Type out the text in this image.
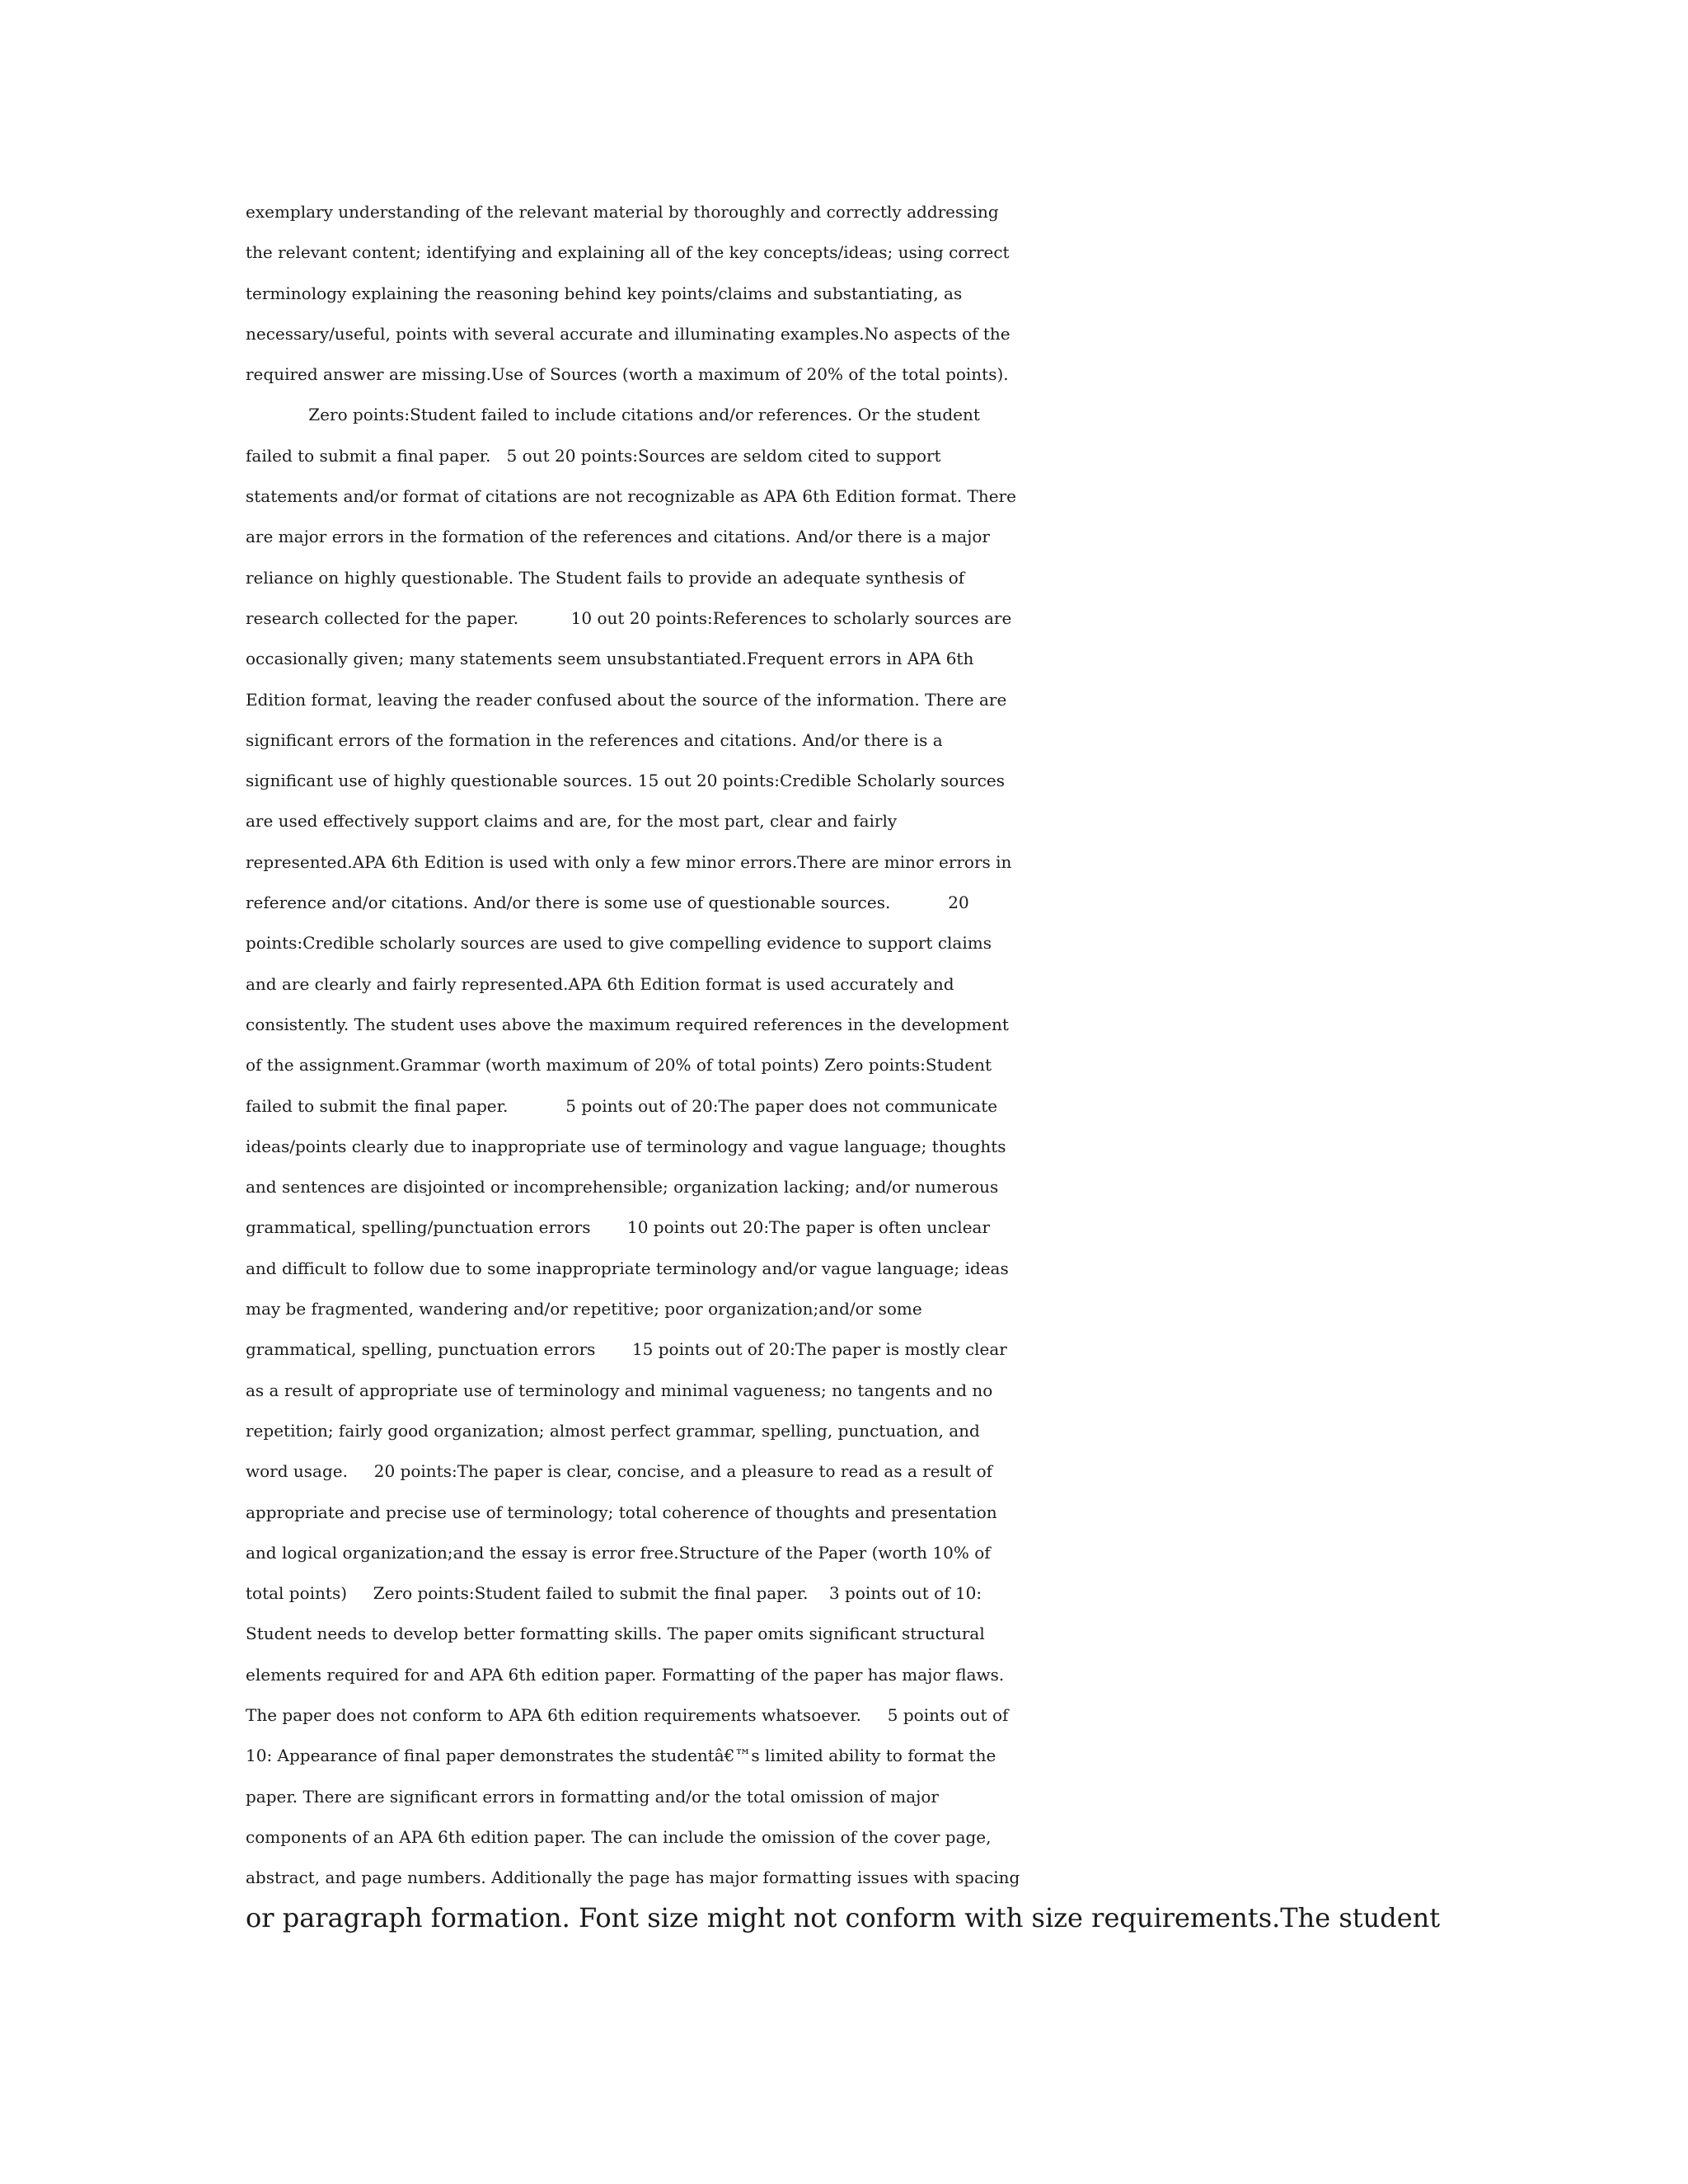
exemplary understanding of the relevant material by thoroughly and correctly addressing
the relevant content; identifying and explaining all of the key concepts/ideas; using correct
terminology explaining the reasoning behind key points/claims and substantiating, as
necessary/useful, points with several accurate and illuminating examples.No aspects of the
required answer are missing.Use of Sources (worth a maximum of 20% of the total points).
Zero points:Student failed to include citations and/or references. Or the student
failed to submit a final paper.   5 out 20 points:Sources are seldom cited to support
statements and/or format of citations are not recognizable as APA 6th Edition format. There
are major errors in the formation of the references and citations. And/or there is a major
reliance on highly questionable. The Student fails to provide an adequate synthesis of
research collected for the paper.          10 out 20 points:References to scholarly sources are
occasionally given; many statements seem unsubstantiated.Frequent errors in APA 6th
Edition format, leaving the reader confused about the source of the information. There are
significant errors of the formation in the references and citations. And/or there is a
significant use of highly questionable sources. 15 out 20 points:Credible Scholarly sources
are used effectively support claims and are, for the most part, clear and fairly
represented.APA 6th Edition is used with only a few minor errors.There are minor errors in
reference and/or citations. And/or there is some use of questionable sources.           20
points:Credible scholarly sources are used to give compelling evidence to support claims
and are clearly and fairly represented.APA 6th Edition format is used accurately and
consistently. The student uses above the maximum required references in the development
of the assignment.Grammar (worth maximum of 20% of total points) Zero points:Student
failed to submit the final paper.           5 points out of 20:The paper does not communicate
ideas/points clearly due to inappropriate use of terminology and vague language; thoughts
and sentences are disjointed or incomprehensible; organization lacking; and/or numerous
grammatical, spelling/punctuation errors       10 points out 20:The paper is often unclear
and difficult to follow due to some inappropriate terminology and/or vague language; ideas
may be fragmented, wandering and/or repetitive; poor organization;and/or some
grammatical, spelling, punctuation errors       15 points out of 20:The paper is mostly clear
as a result of appropriate use of terminology and minimal vagueness; no tangents and no
repetition; fairly good organization; almost perfect grammar, spelling, punctuation, and
word usage.     20 points:The paper is clear, concise, and a pleasure to read as a result of
appropriate and precise use of terminology; total coherence of thoughts and presentation
and logical organization;and the essay is error free.Structure of the Paper (worth 10% of
total points)     Zero points:Student failed to submit the final paper.    3 points out of 10:
Student needs to develop better formatting skills. The paper omits significant structural
elements required for and APA 6th edition paper. Formatting of the paper has major flaws.
The paper does not conform to APA 6th edition requirements whatsoever.     5 points out of
10: Appearance of final paper demonstrates the studentâ€™s limited ability to format the
paper. There are significant errors in formatting and/or the total omission of major
components of an APA 6th edition paper. The can include the omission of the cover page,
abstract, and page numbers. Additionally the page has major formatting issues with spacing
or paragraph formation. Font size might not conform with size requirements.The student
